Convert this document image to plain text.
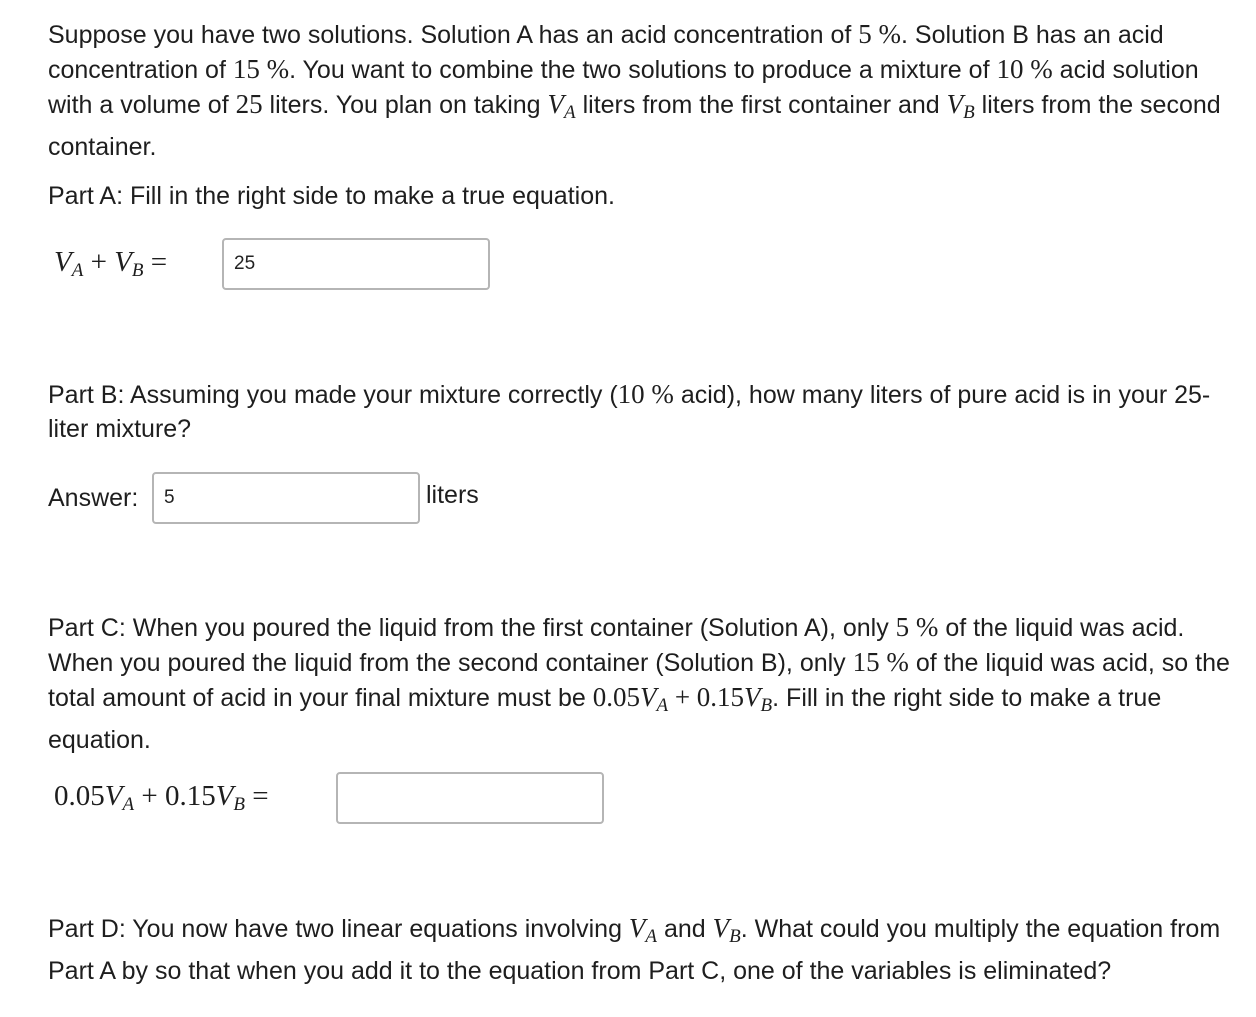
Suppose you have two solutions. Solution A has an acid concentration of 5 %. Solution B has an acid concentration of 15 %. You want to combine the two solutions to produce a mixture of 10 % acid solution with a volume of 25 liters. You plan on taking $V_A$ liters from the first container and $V_B$ liters from the second container.

Part A: Fill in the right side to make a true equation.

$V_A + V_B$ =
25

Part B: Assuming you made your mixture correctly (10 % acid), how many liters of pure acid is in your 25-liter mixture?

Answer:
5	liters

Part C: When you poured the liquid from the first container (Solution A), only 5 % of the liquid was acid. When you poured the liquid from the second container (Solution B), only 15 % of the liquid was acid, so the total amount of acid in your final mixture must be $0.05V_A + 0.15V_B$. Fill in the right side to make a true equation.

$0.05V_A + 0.15V_B$ =

Part D: You now have two linear equations involving $V_A$ and $V_B$. What could you multiply the equation from Part A by so that when you add it to the equation from Part C, one of the variables is eliminated?
